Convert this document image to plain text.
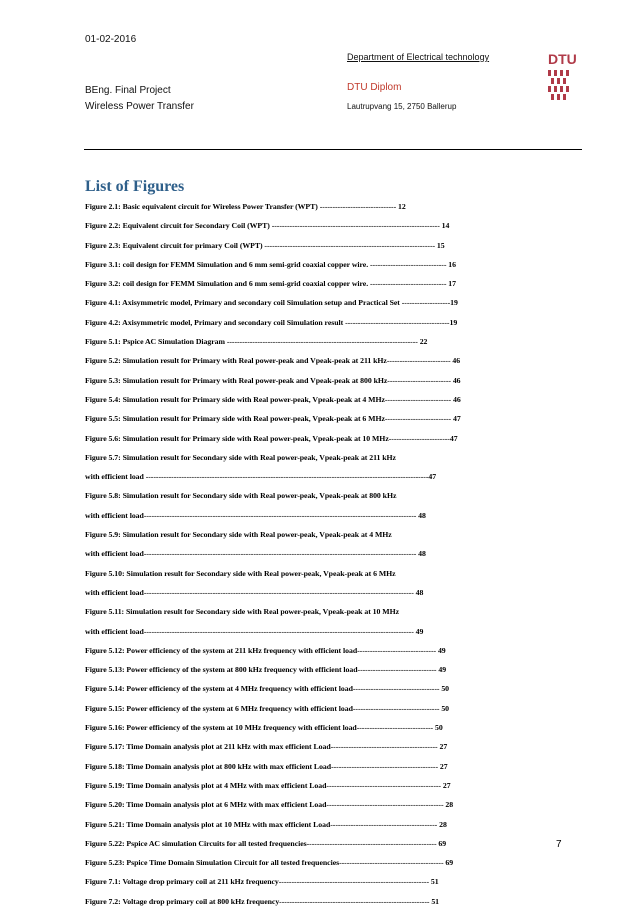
01-02-2016
BEng. Final Project
Wireless Power Transfer
Department of Electrical technology
DTU Diplom
Lautrupvang 15, 2750 Ballerup
DTU
List of Figures
Figure 2.1: Basic equivalent circuit for Wireless Power Transfer (WPT) ------------------------------ 12
Figure 2.2: Equivalent circuit for Secondary Coil (WPT) ------------------------------------------------------------------ 14
Figure 2.3: Equivalent circuit for primary Coil (WPT) ------------------------------------------------------------------- 15
Figure 3.1: coil design for FEMM Simulation and 6 mm semi-grid coaxial copper wire. ------------------------------ 16
Figure 3.2: coil design for FEMM Simulation and 6 mm semi-grid coaxial copper wire. ------------------------------ 17
Figure 4.1: Axisymmetric model, Primary and secondary coil Simulation setup and Practical Set -------------------19
Figure 4.2: Axisymmetric model, Primary and secondary coil Simulation result -----------------------------------------19
Figure 5.1: Pspice AC Simulation Diagram --------------------------------------------------------------------------- 22
Figure 5.2: Simulation result for Primary with Real power-peak and Vpeak-peak at 211 kHz------------------------- 46
Figure 5.3: Simulation result for Primary with Real power-peak and Vpeak-peak at 800 kHz------------------------- 46
Figure 5.4: Simulation result for Primary side with Real power-peak, Vpeak-peak at 4 MHz-------------------------- 46
Figure 5.5: Simulation result for Primary side with Real power-peak, Vpeak-peak at 6 MHz-------------------------- 47
Figure 5.6: Simulation result for Primary side with Real power-peak, Vpeak-peak at 10 MHz------------------------47
Figure 5.7: Simulation result for Secondary side with Real power-peak, Vpeak-peak at 211 kHz
with efficient load ---------------------------------------------------------------------------------------------------------------47
Figure 5.8: Simulation result for Secondary side with Real power-peak, Vpeak-peak at 800 kHz
with efficient load----------------------------------------------------------------------------------------------------------- 48
Figure 5.9: Simulation result for Secondary side with Real power-peak, Vpeak-peak at 4 MHz
with efficient load----------------------------------------------------------------------------------------------------------- 48
Figure 5.10: Simulation result for Secondary side with Real power-peak, Vpeak-peak at 6 MHz
with efficient load---------------------------------------------------------------------------------------------------------- 48
Figure 5.11: Simulation result for Secondary side with Real power-peak, Vpeak-peak at 10 MHz
with efficient load---------------------------------------------------------------------------------------------------------- 49
Figure 5.12: Power efficiency of the system at 211 kHz frequency with efficient load------------------------------- 49
Figure 5.13: Power efficiency of the system at 800 kHz frequency with efficient load------------------------------- 49
Figure 5.14: Power efficiency of the system at 4 MHz frequency with efficient load---------------------------------- 50
Figure 5.15: Power efficiency of the system at 6 MHz frequency with efficient load---------------------------------- 50
Figure 5.16: Power efficiency of the system at 10 MHz frequency with efficient load------------------------------ 50
Figure 5.17: Time Domain analysis plot at 211 kHz with max efficient Load------------------------------------------ 27
Figure 5.18: Time Domain analysis plot at 800 kHz with max efficient Load------------------------------------------ 27
Figure 5.19: Time Domain analysis plot at 4 MHz with max efficient Load--------------------------------------------- 27
Figure 5.20: Time Domain analysis plot at 6 MHz with max efficient Load---------------------------------------------- 28
Figure 5.21: Time Domain analysis plot at 10 MHz with max efficient Load------------------------------------------ 28
Figure 5.22: Pspice AC simulation Circuits for all tested frequencies--------------------------------------------------- 69
Figure 5.23: Pspice Time Domain Simulation Circuit for all tested frequencies----------------------------------------- 69
Figure 7.1: Voltage drop primary coil at 211 kHz frequency----------------------------------------------------------- 51
Figure 7.2: Voltage drop primary coil at 800 kHz frequency----------------------------------------------------------- 51
7
